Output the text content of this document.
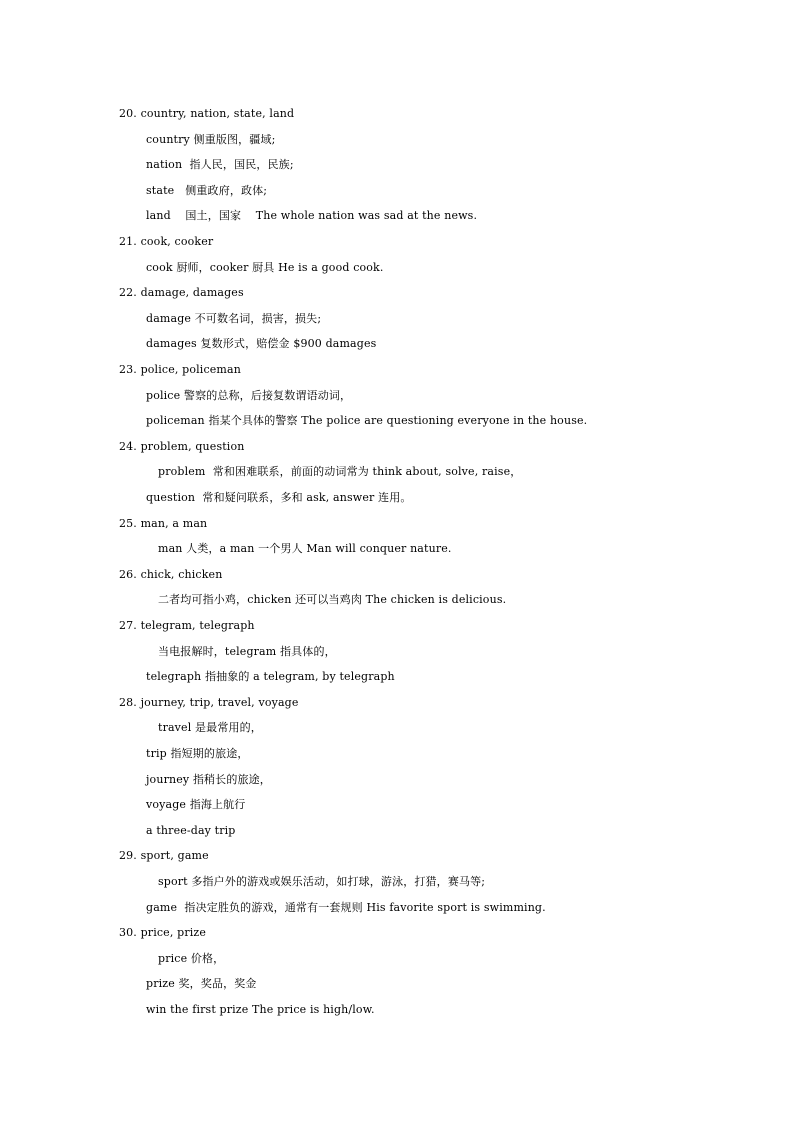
20. country, nation, state, land
country 侧重版图，疆域;
nation  指人民，国民，民族;
state   侧重政府，政体;
land    国土，国家    The whole nation was sad at the news.
21. cook, cooker
cook 厨师，cooker 厨具 He is a good cook.
22. damage, damages
damage 不可数名词，损害，损失;
damages 复数形式，赔偿金 $900 damages
23. police, policeman
police 警察的总称，后接复数谓语动词，
policeman 指某个具体的警察 The police are questioning everyone in the house.
24. problem, question
problem  常和困难联系，前面的动词常为 think about, solve, raise，
question  常和疑问联系，多和 ask, answer 连用。
25. man, a man
man 人类，a man 一个男人 Man will conquer nature.
26. chick, chicken
二者均可指小鸡，chicken 还可以当鸡肉 The chicken is delicious.
27. telegram, telegraph
当电报解时，telegram 指具体的，
telegraph 指抽象的 a telegram, by telegraph
28. journey, trip, travel, voyage
travel 是最常用的，
trip 指短期的旅途，
journey 指稍长的旅途，
voyage 指海上航行
a three-day trip
29. sport, game
sport 多指户外的游戏或娱乐活动，如打球，游泳，打猎，赛马等;
game  指决定胜负的游戏，通常有一套规则 His favorite sport is swimming.
30. price, prize
price 价格，
prize 奖，奖品，奖金
win the first prize The price is high/low.
